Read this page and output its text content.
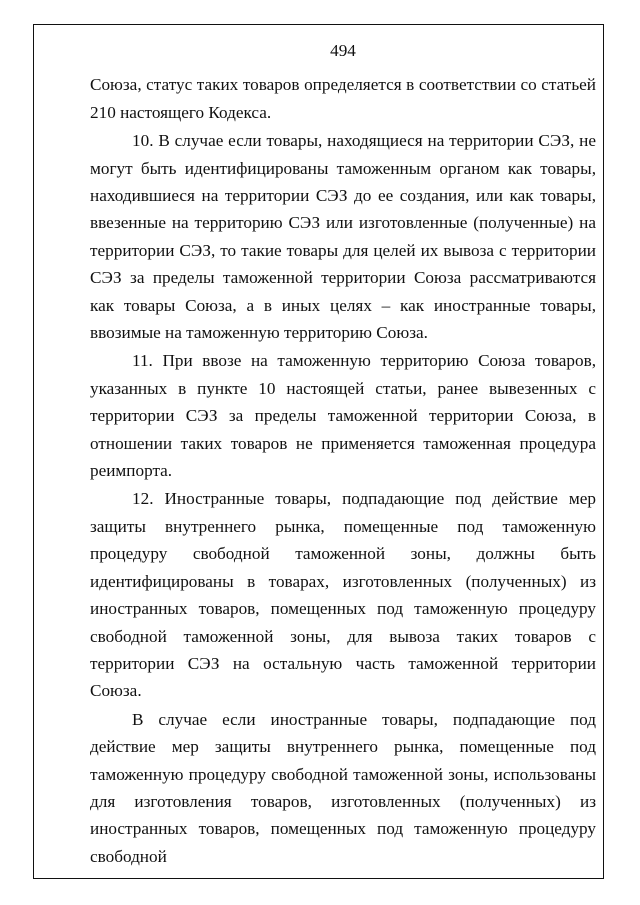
494

Союза, статус таких товаров определяется в соответствии со статьей 210 настоящего Кодекса.

10. В случае если товары, находящиеся на территории СЭЗ, не могут быть идентифицированы таможенным органом как товары, находившиеся на территории СЭЗ до ее создания, или как товары, ввезенные на территорию СЭЗ или изготовленные (полученные) на территории СЭЗ, то такие товары для целей их вывоза с территории СЭЗ за пределы таможенной территории Союза рассматриваются как товары Союза, а в иных целях – как иностранные товары, ввозимые на таможенную территорию Союза.

11. При ввозе на таможенную территорию Союза товаров, указанных в пункте 10 настоящей статьи, ранее вывезенных с территории СЭЗ за пределы таможенной территории Союза, в отношении таких товаров не применяется таможенная процедура реимпорта.

12. Иностранные товары, подпадающие под действие мер защиты внутреннего рынка, помещенные под таможенную процедуру свободной таможенной зоны, должны быть идентифицированы в товарах, изготовленных (полученных) из иностранных товаров, помещенных под таможенную процедуру свободной таможенной зоны, для вывоза таких товаров с территории СЭЗ на остальную часть таможенной территории Союза.

В случае если иностранные товары, подпадающие под действие мер защиты внутреннего рынка, помещенные под таможенную процедуру свободной таможенной зоны, использованы для изготовления товаров, изготовленных (полученных) из иностранных товаров, помещенных под таможенную процедуру свободной
